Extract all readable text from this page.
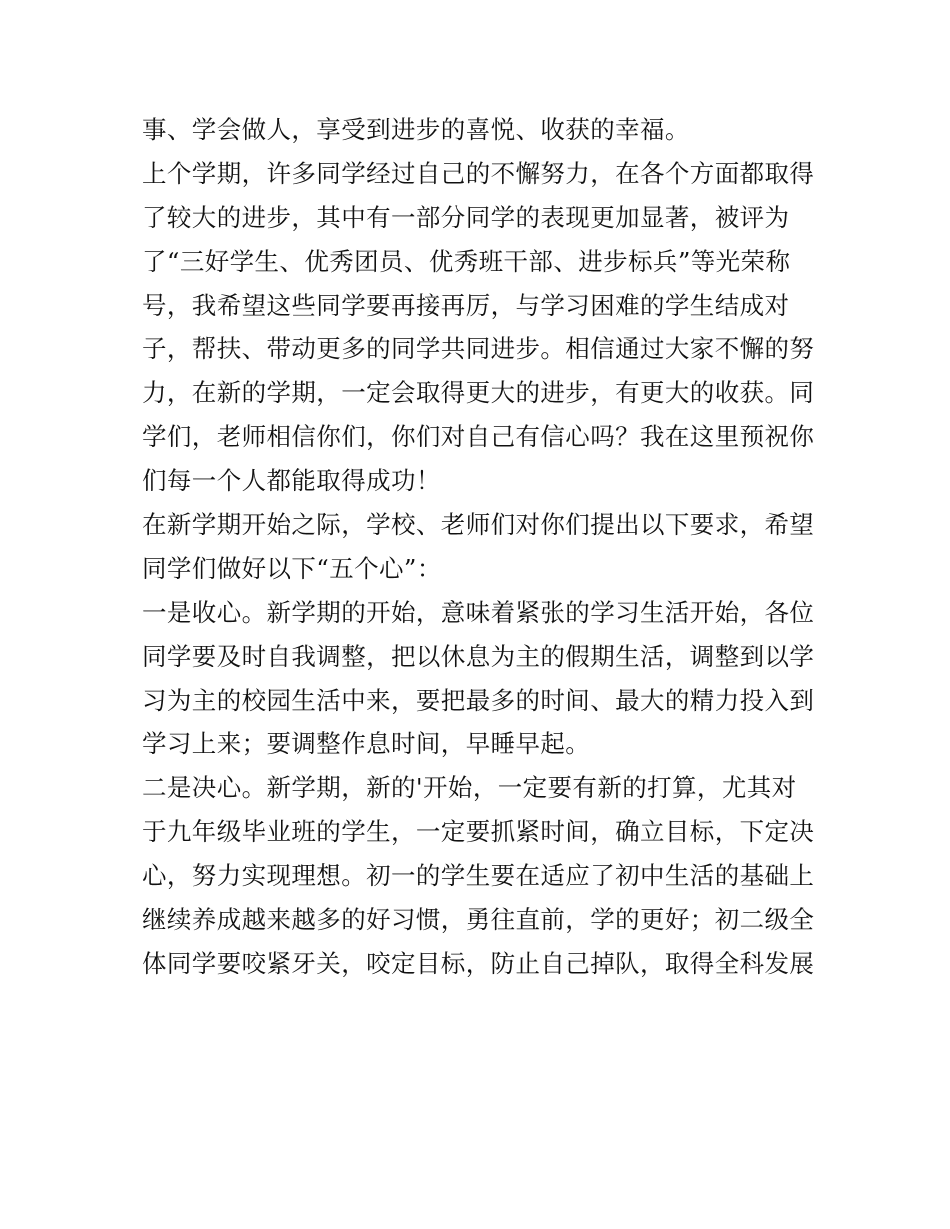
事、学会做人，享受到进步的喜悦、收获的幸福。
上个学期，许多同学经过自己的不懈努力，在各个方面都取得
了较大的进步，其中有一部分同学的表现更加显著，被评为
了“三好学生、优秀团员、优秀班干部、进步标兵”等光荣称
号，我希望这些同学要再接再厉，与学习困难的学生结成对
子，帮扶、带动更多的同学共同进步。相信通过大家不懈的努
力，在新的学期，一定会取得更大的进步，有更大的收获。同
学们，老师相信你们，你们对自己有信心吗？我在这里预祝你
们每一个人都能取得成功！
在新学期开始之际，学校、老师们对你们提出以下要求，希望
同学们做好以下“五个心”：
一是收心。新学期的开始，意味着紧张的学习生活开始，各位
同学要及时自我调整，把以休息为主的假期生活，调整到以学
习为主的校园生活中来，要把最多的时间、最大的精力投入到
学习上来；要调整作息时间，早睡早起。
二是决心。新学期，新的'开始，一定要有新的打算，尤其对
于九年级毕业班的学生，一定要抓紧时间，确立目标，下定决
心，努力实现理想。初一的学生要在适应了初中生活的基础上
继续养成越来越多的好习惯，勇往直前，学的更好；初二级全
体同学要咬紧牙关，咬定目标，防止自己掉队，取得全科发展
